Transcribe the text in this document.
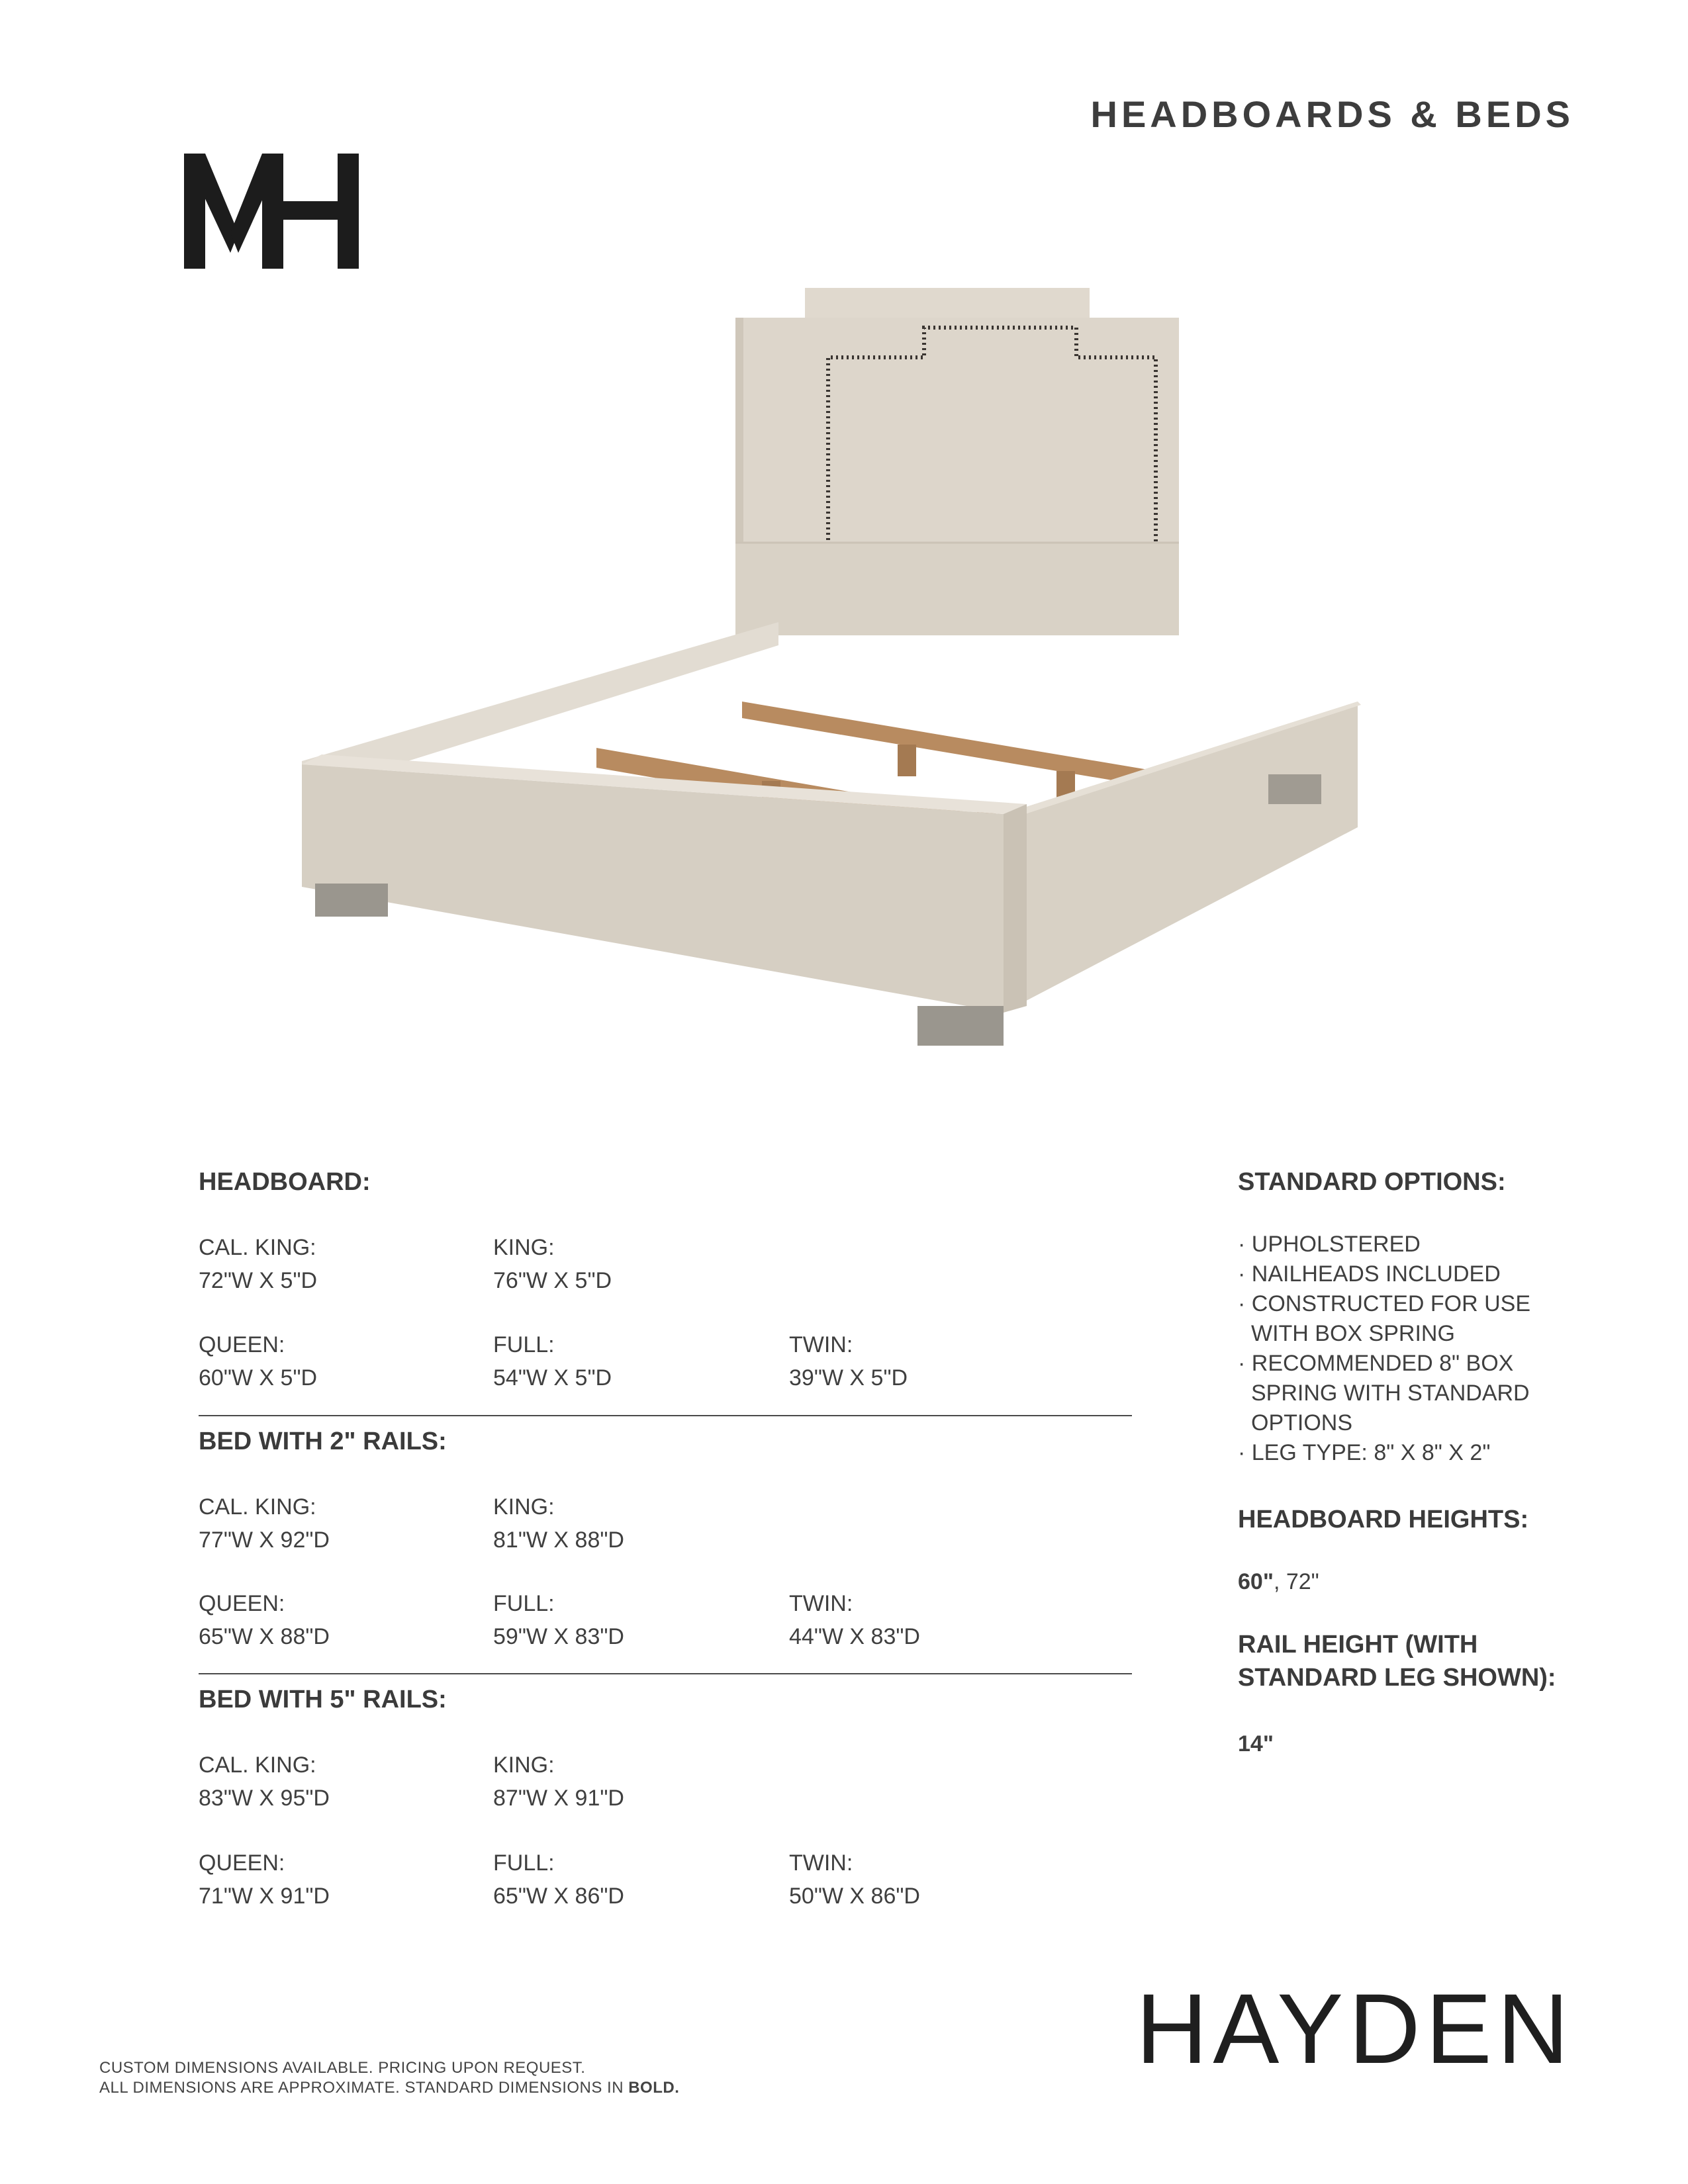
HEADBOARDS & BEDS
HEADBOARD:
CAL. KING:
72"W X 5"D
KING:
76"W X 5"D
QUEEN:
60"W X 5"D
FULL:
54"W X 5"D
TWIN:
39"W X 5"D
BED WITH 2" RAILS:
CAL. KING:
77"W X 92"D
KING:
81"W X 88"D
QUEEN:
65"W X 88"D
FULL:
59"W X 83"D
TWIN:
44"W X 83"D
BED WITH 5" RAILS:
CAL. KING:
83"W X 95"D
KING:
87"W X 91"D
QUEEN:
71"W X 91"D
FULL:
65"W X 86"D
TWIN:
50"W X 86"D
STANDARD OPTIONS:
· UPHOLSTERED
· NAILHEADS INCLUDED
· CONSTRUCTED FOR USE
WITH BOX SPRING
· RECOMMENDED 8" BOX
SPRING WITH STANDARD
OPTIONS
· LEG TYPE: 8" X 8" X 2"
HEADBOARD HEIGHTS:
60", 72"
RAIL HEIGHT (WITH
STANDARD LEG SHOWN):
14"
HAYDEN
CUSTOM DIMENSIONS AVAILABLE. PRICING UPON REQUEST.
ALL DIMENSIONS ARE APPROXIMATE. STANDARD DIMENSIONS IN BOLD.
